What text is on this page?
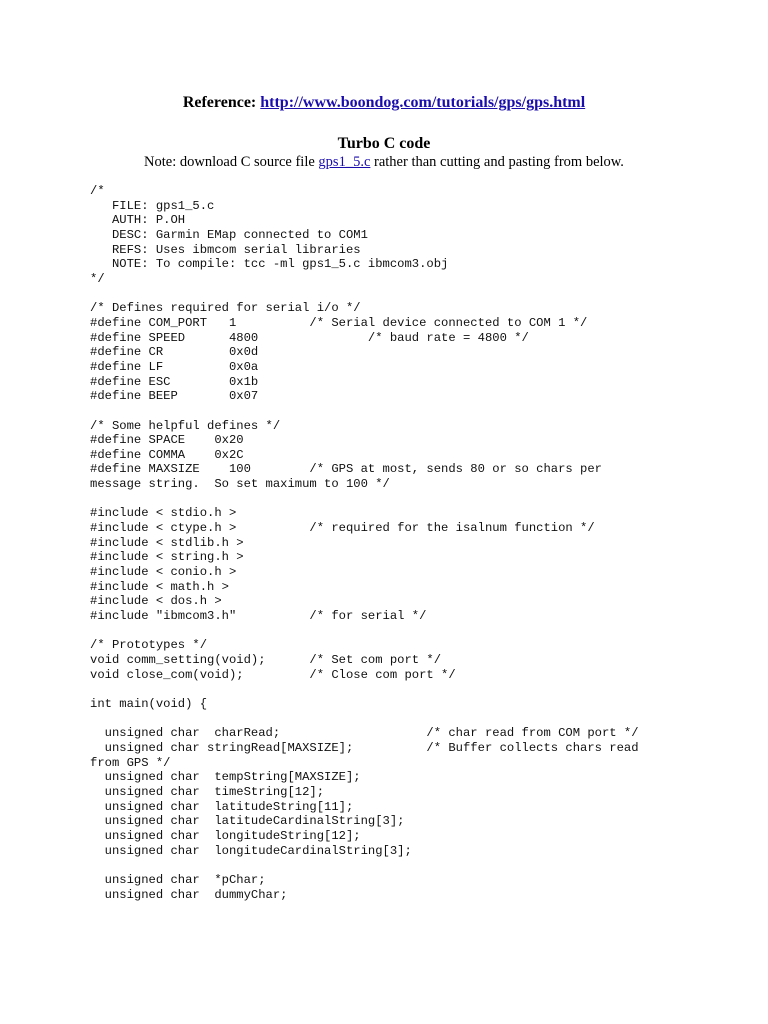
Reference: http://www.boondog.com/tutorials/gps/gps.html
Turbo C code
Note: download C source file gps1_5.c rather than cutting and pasting from below.
/*
FILE: gps1_5.c
AUTH: P.OH
DESC: Garmin EMap connected to COM1
REFS: Uses ibmcom serial libraries
NOTE: To compile: tcc -ml gps1_5.c ibmcom3.obj
*/

/* Defines required for serial i/o */
#define COM_PORT   1          /* Serial device connected to COM 1 */
#define SPEED      4800               /* baud rate = 4800 */
#define CR         0x0d
#define LF         0x0a
#define ESC        0x1b
#define BEEP       0x07

/* Some helpful defines */
#define SPACE    0x20
#define COMMA    0x2C
#define MAXSIZE    100        /* GPS at most, sends 80 or so chars per
message string.  So set maximum to 100 */

#include < stdio.h >
#include < ctype.h >          /* required for the isalnum function */
#include < stdlib.h >
#include < string.h >
#include < conio.h >
#include < math.h >
#include < dos.h >
#include "ibmcom3.h"          /* for serial */

/* Prototypes */
void comm_setting(void);      /* Set com port */
void close_com(void);         /* Close com port */

int main(void) {

unsigned char  charRead;                    /* char read from COM port */
unsigned char stringRead[MAXSIZE];          /* Buffer collects chars read
from GPS */
unsigned char  tempString[MAXSIZE];
unsigned char  timeString[12];
unsigned char  latitudeString[11];
unsigned char  latitudeCardinalString[3];
unsigned char  longitudeString[12];
unsigned char  longitudeCardinalString[3];

unsigned char  *pChar;
unsigned char  dummyChar;
